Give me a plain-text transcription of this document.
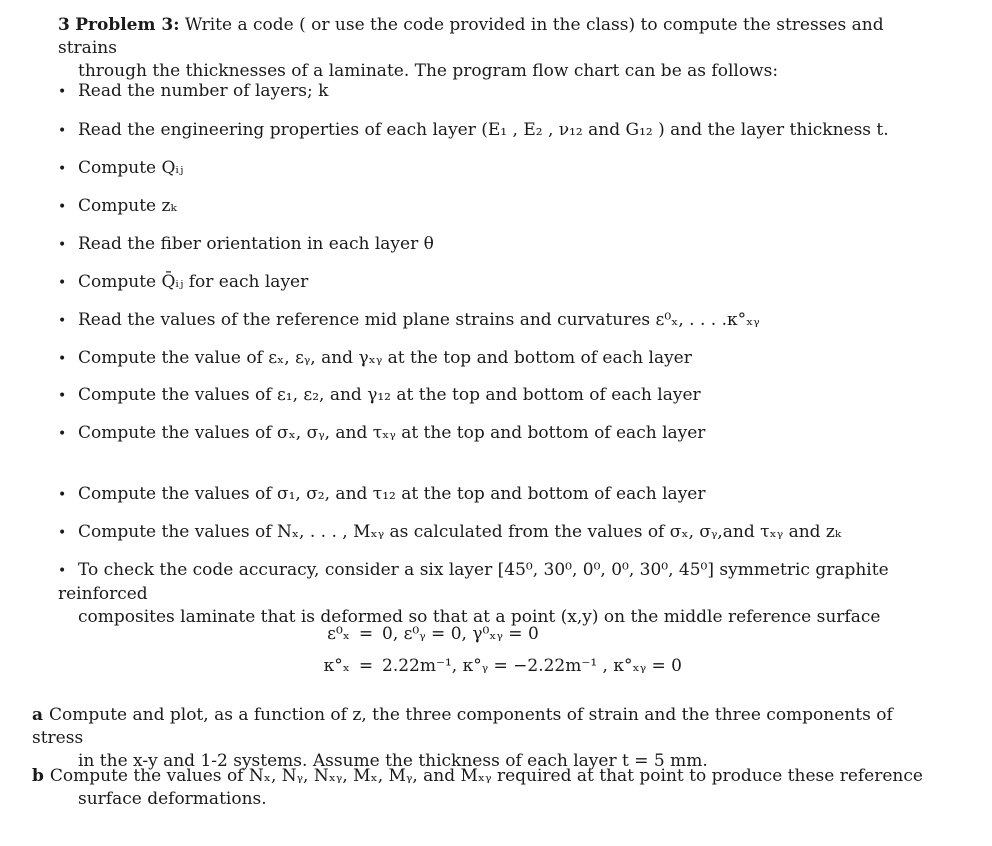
3 Problem 3: Write a code ( or use the code provided in the class) to compute the stresses and strains
through the thicknesses of a laminate. The program flow chart can be as follows:
• Read the number of layers; k
• Read the engineering properties of each layer (E₁ , E₂ , ν₁₂ and G₁₂ ) and the layer thickness t.
• Compute Qᵢⱼ
• Compute zₖ
• Read the fiber orientation in each layer θ
• Compute Q̄ᵢⱼ for each layer
• Read the values of the reference mid plane strains and curvatures ε⁰ₓ, . . . .κ°ₓᵧ
• Compute the value of εₓ, εᵧ, and γₓᵧ at the top and bottom of each layer
• Compute the values of ε₁, ε₂, and γ₁₂ at the top and bottom of each layer
• Compute the values of σₓ, σᵧ, and τₓᵧ at the top and bottom of each layer
• Compute the values of σ₁, σ₂, and τ₁₂ at the top and bottom of each layer
• Compute the values of Nₓ, . . . , Mₓᵧ as calculated from the values of σₓ, σᵧ,and τₓᵧ and zₖ
• To check the code accuracy, consider a six layer [45⁰, 30⁰, 0⁰, 0⁰, 30⁰, 45⁰] symmetric graphite reinforced
composites laminate that is deformed so that at a point (x,y) on the middle reference surface
ε⁰ₓ = 0, ε⁰ᵧ = 0, γ⁰ₓᵧ = 0
κ°ₓ = 2.22m⁻¹, κ°ᵧ = −2.22m⁻¹ , κ°ₓᵧ = 0
a Compute and plot, as a function of z, the three components of strain and the three components of stress
in the x-y and 1-2 systems. Assume the thickness of each layer t = 5 mm.
b Compute the values of Nₓ, Nᵧ, Nₓᵧ, Mₓ, Mᵧ, and Mₓᵧ required at that point to produce these reference
surface deformations.
